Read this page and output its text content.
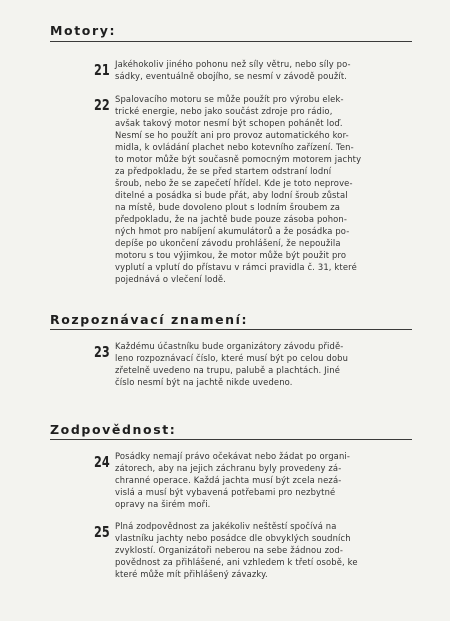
Motory:
21 Jakéhokoliv jiného pohonu než síly větru, nebo síly po-
sádky, eventuálně obojího, se nesmí v závodě použít.
22 Spalovacího motoru se může použít pro výrobu elek-
trické energie, nebo jako součást zdroje pro rádio,
avšak takový motor nesmí být schopen pohánět loď.
Nesmí se ho použít ani pro provoz automatického kor-
midla, k ovládání plachet nebo kotevního zařízení. Ten-
to motor může být současně pomocným motorem jachty
za předpokladu, že se před startem odstraní lodní
šroub, nebo že se zapečetí hřídel. Kde je toto neprove-
ditelné a posádka si bude přát, aby lodní šroub zůstal
na místě, bude dovoleno plout s lodním šroubem za
předpokladu, že na jachtě bude pouze zásoba pohon-
ných hmot pro nabíjení akumulátorů a že posádka po-
depíše po ukončení závodu prohlášení, že nepoužila
motoru s tou výjimkou, že motor může být použit pro
vyplutí a vplutí do přístavu v rámci pravidla č. 31, které
pojednává o vlečení lodě.
Rozpoznávací znamení:
23 Každému účastníku bude organizátory závodu přidě-
leno rozpoznávací číslo, které musí být po celou dobu
zřetelně uvedeno na trupu, palubě a plachtách. Jiné
číslo nesmí být na jachtě nikde uvedeno.
Zodpovědnost:
24 Posádky nemají právo očekávat nebo žádat po organi-
zátorech, aby na jejich záchranu byly provedeny zá-
chranné operace. Každá jachta musí být zcela nezá-
vislá a musí být vybavená potřebami pro nezbytné
opravy na širém moři.
25 Plná zodpovědnost za jakékoliv neštěstí spočívá na
vlastníku jachty nebo posádce dle obvyklých soudních
zvyklostí. Organizátoři neberou na sebe žádnou zod-
povědnost za přihlášené, ani vzhledem k třetí osobě, ke
které může mít přihlášený závazky.
